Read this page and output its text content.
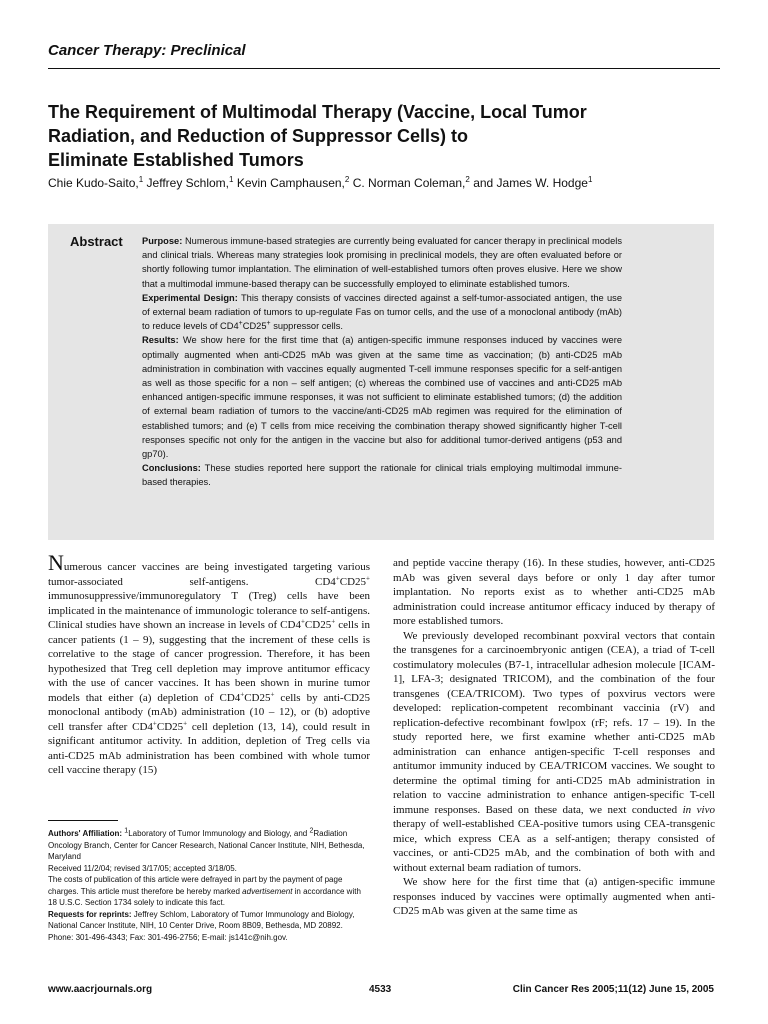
Cancer Therapy: Preclinical
The Requirement of Multimodal Therapy (Vaccine, Local Tumor
Radiation, and Reduction of Suppressor Cells) to
Eliminate Established Tumors
Chie Kudo-Saito,$^1$ Jeffrey Schlom,$^1$ Kevin Camphausen,$^2$ C. Norman Coleman,$^2$ and James W. Hodge$^1$
Abstract Purpose: Numerous immune-based strategies are currently being evaluated for cancer therapy in preclinical models and clinical trials. Whereas many strategies look promising in preclinical models, they are often evaluated before or shortly following tumor implantation. The elimination of well-established tumors often proves elusive. Here we show that a multimodal immune-based therapy can be successfully employed to eliminate established tumors.

Experimental Design: This therapy consists of vaccines directed against a self-tumor-associated antigen, the use of external beam radiation of tumors to up-regulate Fas on tumor cells, and the use of a monoclonal antibody (mAb) to reduce levels of CD4+CD25+ suppressor cells.

Results: We show here for the first time that (a) antigen-specific immune responses induced by vaccines were optimally augmented when anti-CD25 mAb was given at the same time as vaccination; (b) anti-CD25 mAb administration in combination with vaccines equally augmented T-cell immune responses specific for a self-antigen as well as those specific for a non – self antigen; (c) whereas the combined use of vaccines and anti-CD25 mAb enhanced antigen-specific immune responses, it was not sufficient to eliminate established tumors; (d) the addition of external beam radiation of tumors to the vaccine/anti-CD25 mAb regimen was required for the elimination of established tumors; and (e) T cells from mice receiving the combination therapy showed significantly higher T-cell responses specific not only for the antigen in the vaccine but also for additional tumor-derived antigens (p53 and gp70).

Conclusions: These studies reported here support the rationale for clinical trials employing multimodal immune-based therapies.

Numerous cancer vaccines are being investigated targeting various tumor-associated self-antigens. CD4+CD25+ immunosuppressive/immunoregulatory T (Treg) cells have been implicated in the maintenance of immunologic tolerance to self-antigens. Clinical studies have shown an increase in levels of CD4+CD25+ cells in cancer patients (1 – 9), suggesting that the increment of these cells is correlative to the stage of cancer progression. Therefore, it has been hypothesized that Treg cell depletion may improve antitumor efficacy with the use of cancer vaccines. It has been shown in murine tumor models that either (a) depletion of CD4+CD25+ cells by anti-CD25 monoclonal antibody (mAb) administration (10 – 12), or (b) adoptive cell transfer after CD4+CD25+ cell depletion (13, 14), could result in significant antitumor activity. In addition, depletion of Treg cells via anti-CD25 mAb administration has been combined with whole tumor cell vaccine therapy (15)

Authors' Affiliation: $^1$Laboratory of Tumor Immunology and Biology, and $^2$Radiation Oncology Branch, Center for Cancer Research, National Cancer Institute, NIH, Bethesda, Maryland

Received 11/2/04; revised 3/17/05; accepted 3/18/05.

The costs of publication of this article were defrayed in part by the payment of page charges. This article must therefore be hereby marked advertisement in accordance with 18 U.S.C. Section 1734 solely to indicate this fact.

Requests for reprints: Jeffrey Schlom, Laboratory of Tumor Immunology and Biology, National Cancer Institute, NIH, 10 Center Drive, Room 8B09, Bethesda, MD 20892. Phone: 301-496-4343; Fax: 301-496-2756; E-mail: js141c@nih.gov.

and peptide vaccine therapy (16). In these studies, however, anti-CD25 mAb was given several days before or only 1 day after tumor implantation. No reports exist as to whether anti-CD25 mAb administration could increase antitumor efficacy induced by therapy of more established tumors.

We previously developed recombinant poxviral vectors that contain the transgenes for a carcinoembryonic antigen (CEA), a triad of T-cell costimulatory molecules (B7-1, intracellular adhesion molecule [ICAM-1], LFA-3; designated TRICOM), and the combination of the four transgenes (CEA/TRICOM). Two types of poxvirus vectors were developed: replication-competent recombinant vaccinia (rV) and replication-defective recombinant fowlpox (rF; refs. 17 – 19). In the study reported here, we first examine whether anti-CD25 mAb administration can enhance antigen-specific T-cell responses and antitumor immunity induced by CEA/TRICOM vaccines. We sought to determine the optimal timing for anti-CD25 mAb administration in relation to vaccine administration to enhance antigen-specific T-cell immune responses. Based on these data, we next conducted in vivo therapy of well-established CEA-positive tumors using CEA-transgenic mice, which express CEA as a self-antigen; therapy consisted of vaccines, or anti-CD25 mAb, and the combination of both with and without external beam radiation of tumors.

We show here for the first time that (a) antigen-specific immune responses induced by vaccines were optimally augmented when anti-CD25 mAb was given at the same time as

www.aacrjournals.org	4533	Clin Cancer Res 2005;11(12) June 15, 2005
